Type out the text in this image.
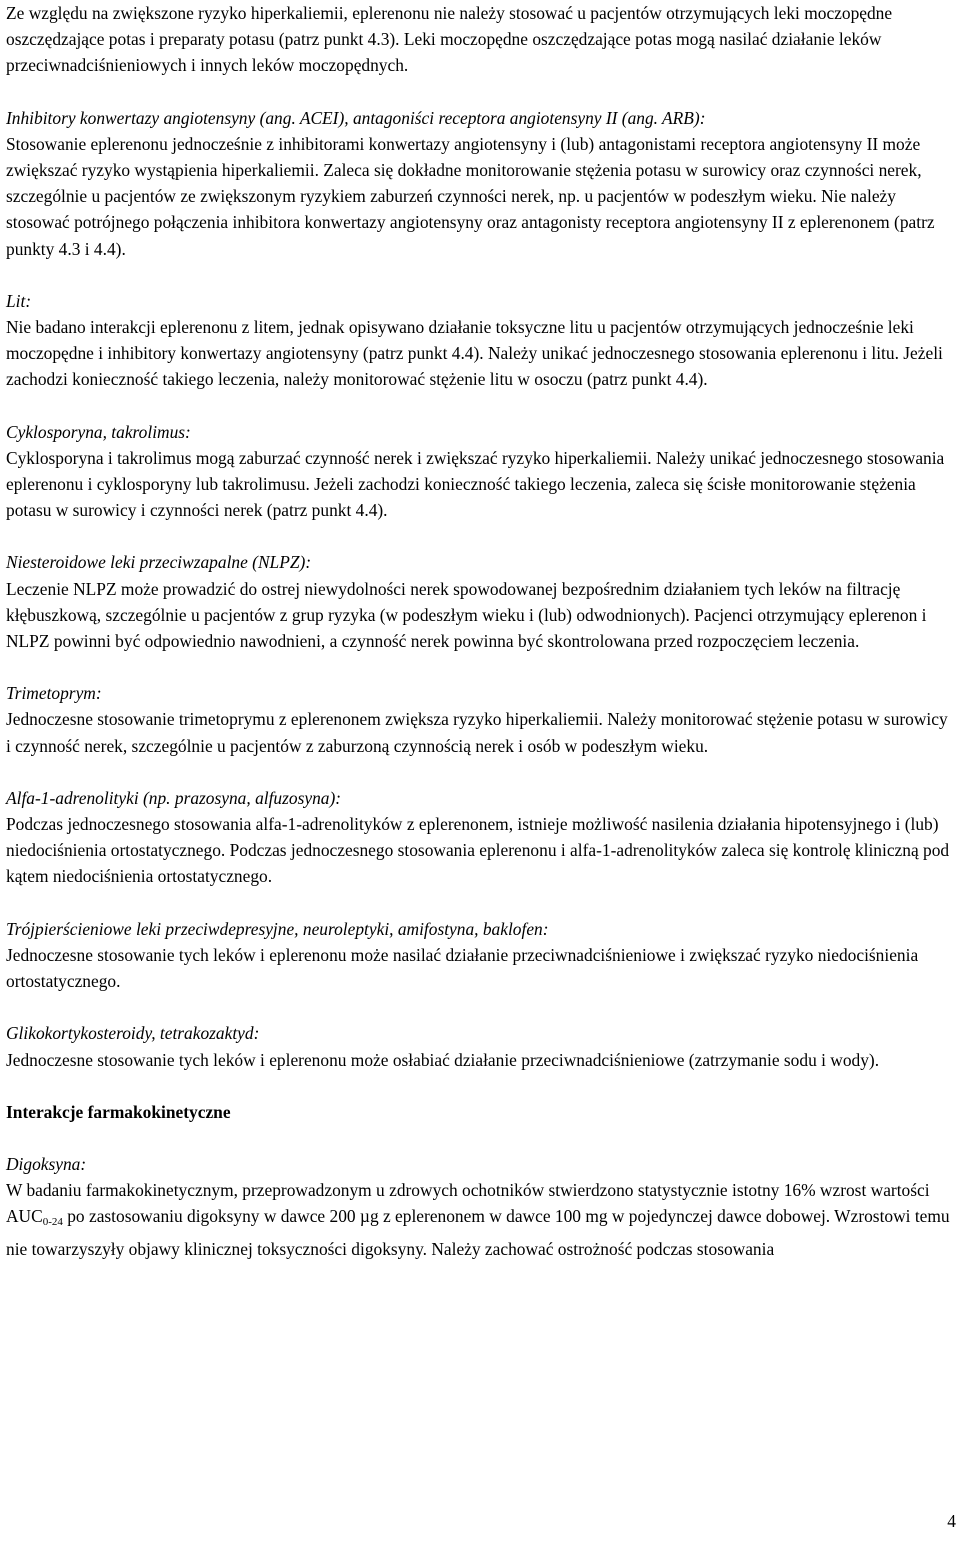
Ze względu na zwiększone ryzyko hiperkaliemii, eplerenonu nie należy stosować u pacjentów otrzymujących leki moczopędne oszczędzające potas i preparaty potasu (patrz punkt 4.3). Leki moczopędne oszczędzające potas mogą nasilać działanie leków przeciwnadciśnieniowych i innych leków moczopędnych.

Inhibitory konwertazy angiotensyny (ang. ACEI), antagoniści receptora angiotensyny II (ang. ARB):

Stosowanie eplerenonu jednocześnie z inhibitorami konwertazy angiotensyny i (lub) antagonistami receptora angiotensyny II może zwiększać ryzyko wystąpienia hiperkaliemii. Zaleca się dokładne monitorowanie stężenia potasu w surowicy oraz czynności nerek, szczególnie u pacjentów ze zwiększonym ryzykiem zaburzeń czynności nerek, np. u pacjentów w podeszłym wieku. Nie należy stosować potrójnego połączenia inhibitora konwertazy angiotensyny oraz antagonisty receptora angiotensyny II z eplerenonem (patrz punkty 4.3 i 4.4).

Lit:

Nie badano interakcji eplerenonu z litem, jednak opisywano działanie toksyczne litu u pacjentów otrzymujących jednocześnie leki moczopędne i inhibitory konwertazy angiotensyny (patrz punkt 4.4). Należy unikać jednoczesnego stosowania eplerenonu i litu. Jeżeli zachodzi konieczność takiego leczenia, należy monitorować stężenie litu w osoczu (patrz punkt 4.4).

Cyklosporyna, takrolimus:

Cyklosporyna i takrolimus mogą zaburzać czynność nerek i zwiększać ryzyko hiperkaliemii. Należy unikać jednoczesnego stosowania eplerenonu i cyklosporyny lub takrolimusu. Jeżeli zachodzi konieczność takiego leczenia, zaleca się ścisłe monitorowanie stężenia potasu w surowicy i czynności nerek (patrz punkt 4.4).

Niesteroidowe leki przeciwzapalne (NLPZ):

Leczenie NLPZ może prowadzić do ostrej niewydolności nerek spowodowanej bezpośrednim działaniem tych leków na filtrację kłębuszkową, szczególnie u pacjentów z grup ryzyka (w podeszłym wieku i (lub) odwodnionych). Pacjenci otrzymujący eplerenon i NLPZ powinni być odpowiednio nawodnieni, a czynność nerek powinna być skontrolowana przed rozpoczęciem leczenia.

Trimetoprym:

Jednoczesne stosowanie trimetoprymu z eplerenonem zwiększa ryzyko hiperkaliemii. Należy monitorować stężenie potasu w surowicy i czynność nerek, szczególnie u pacjentów z zaburzoną czynnością nerek i osób w podeszłym wieku.

Alfa-1-adrenolityki (np. prazosyna, alfuzosyna):

Podczas jednoczesnego stosowania alfa-1-adrenolityków z eplerenonem, istnieje możliwość nasilenia działania hipotensyjnego i (lub) niedociśnienia ortostatycznego. Podczas jednoczesnego stosowania eplerenonu i alfa-1-adrenolityków zaleca się kontrolę kliniczną pod kątem niedociśnienia ortostatycznego.

Trójpierścieniowe leki przeciwdepresyjne, neuroleptyki, amifostyna, baklofen:

Jednoczesne stosowanie tych leków i eplerenonu może nasilać działanie przeciwnadciśnieniowe i zwiększać ryzyko niedociśnienia ortostatycznego.

Glikokortykosteroidy, tetrakozaktyd:

Jednoczesne stosowanie tych leków i eplerenonu może osłabiać działanie przeciwnadciśnieniowe (zatrzymanie sodu i wody).

Interakcje farmakokinetyczne

Digoksyna:

W badaniu farmakokinetycznym, przeprowadzonym u zdrowych ochotników stwierdzono statystycznie istotny 16% wzrost wartości $AUC_{0-24}$ po zastosowaniu digoksyny w dawce 200 µg z eplerenonem w dawce 100 mg w pojedynczej dawce dobowej. Wzrostowi temu nie towarzyszyły objawy klinicznej toksyczności digoksyny. Należy zachować ostrożność podczas stosowania

4
